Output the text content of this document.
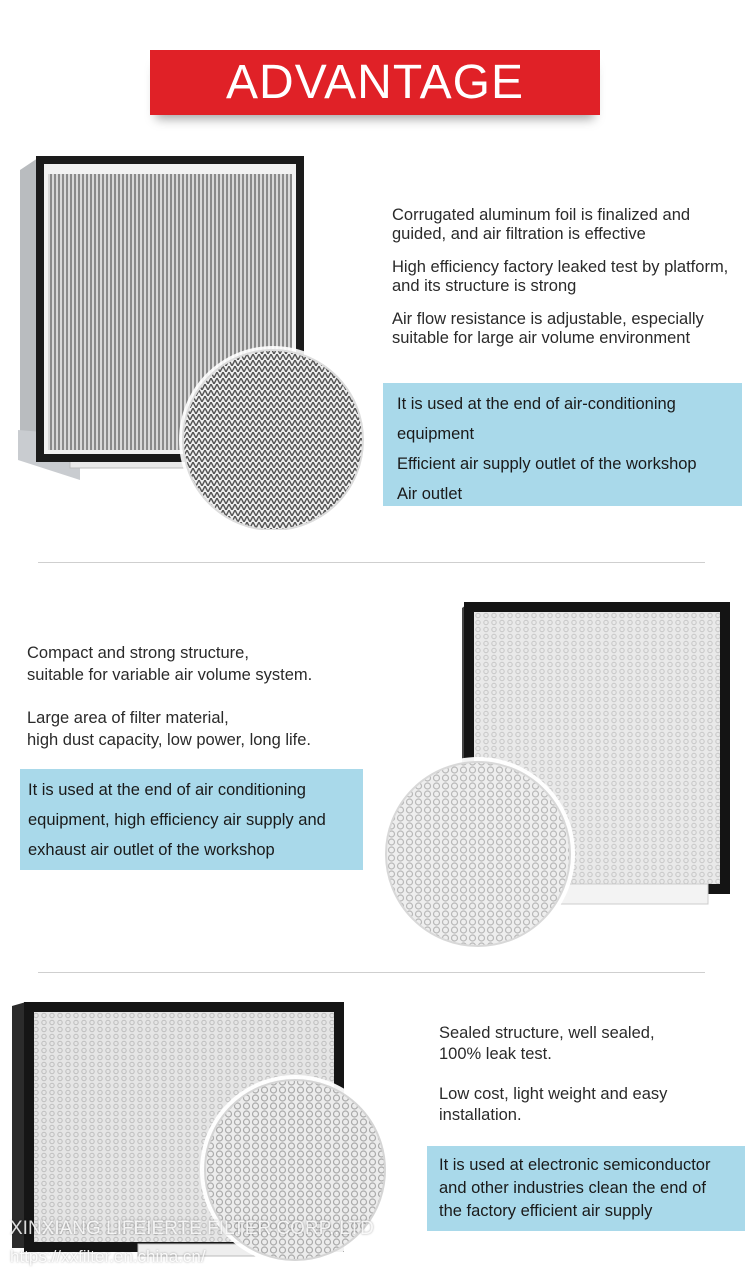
ADVANTAGE

Corrugated aluminum foil is finalized and guided, and air filtration is effective

High efficiency factory leaked test by platform, and its structure is strong

Air flow resistance is adjustable, especially suitable for large air volume environment

It is used at the end of air-conditioning
equipment
Efficient air supply outlet of the workshop
Air outlet
Compact and strong structure,
suitable for variable air volume system.
Large area of filter material,
high dust capacity, low power, long life.
It is used at the end of air conditioning
equipment, high efficiency air supply and
exhaust air outlet of the workshop

Sealed structure, well sealed,
100% leak test.

Low cost, light weight and easy
installation.

It is used at electronic semiconductor
and other industries clean the end of
the factory efficient air supply
XINXIANG LIFEIERTE FILTER CORP.,LTD
https://xxfilter.en.china.cn/
